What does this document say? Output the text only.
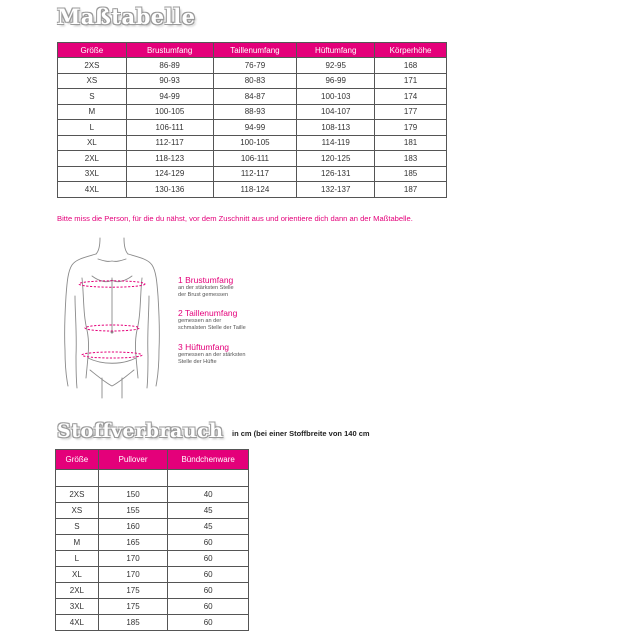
Maßtabelle
Größe	Brustumfang	Taillenumfang	Hüftumfang	Körperhöhe
2XS	86-89	76-79	92-95	168
XS	90-93	80-83	96-99	171
S	94-99	84-87	100-103	174
M	100-105	88-93	104-107	177
L	106-111	94-99	108-113	179
XL	112-117	100-105	114-119	181
2XL	118-123	106-111	120-125	183
3XL	124-129	112-117	126-131	185
4XL	130-136	118-124	132-137	187
Bitte miss die Person, für die du nähst, vor dem Zuschnitt aus und orientiere dich dann an der Maßtabelle.
1 Brustumfang
an der stärksten Stelle
der Brust gemessen
2 Taillenumfang
gemessen an der
schmalsten Stelle der Taille
3 Hüftumfang
gemessen an der stärksten
Stelle der Hüfte
Stoffverbrauch in cm (bei einer Stoffbreite von 140 cm
Größe	Pullover	Bündchenware

2XS	150	40
XS	155	45
S	160	45
M	165	60
L	170	60
XL	170	60
2XL	175	60
3XL	175	60
4XL	185	60
